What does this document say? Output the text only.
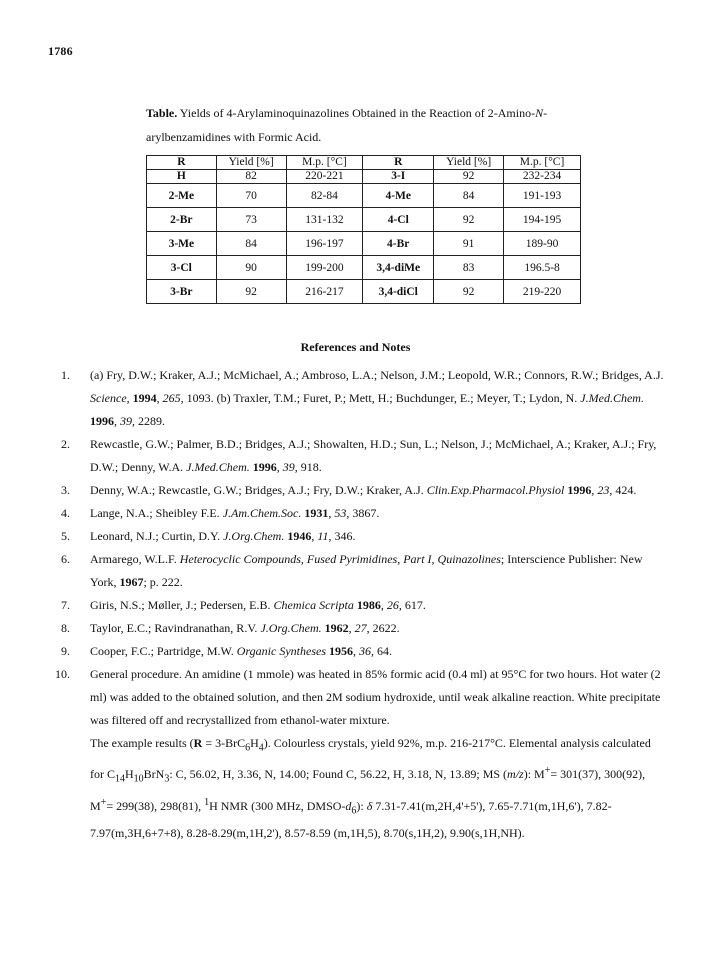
1786
Table. Yields of 4-Arylaminoquinazolines Obtained in the Reaction of 2-Amino-N-arylbenzamidines with Formic Acid.
R	Yield [%]	M.p. [°C]	R	Yield [%]	M.p. [°C]
H	82	220-221	3-I	92	232-234
2-Me	70	82-84	4-Me	84	191-193
2-Br	73	131-132	4-Cl	92	194-195
3-Me	84	196-197	4-Br	91	189-90
3-Cl	90	199-200	3,4-diMe	83	196.5-8
3-Br	92	216-217	3,4-diCl	92	219-220
References and Notes
1. (a) Fry, D.W.; Kraker, A.J.; McMichael, A.; Ambroso, L.A.; Nelson, J.M.; Leopold, W.R.; Connors, R.W.; Bridges, A.J. Science, 1994, 265, 1093. (b) Traxler, T.M.; Furet, P.; Mett, H.; Buchdunger, E.; Meyer, T.; Lydon, N. J.Med.Chem. 1996, 39, 2289.
2. Rewcastle, G.W.; Palmer, B.D.; Bridges, A.J.; Showalten, H.D.; Sun, L.; Nelson, J.; McMichael, A.; Kraker, A.J.; Fry, D.W.; Denny, W.A. J.Med.Chem. 1996, 39, 918.
3. Denny, W.A.; Rewcastle, G.W.; Bridges, A.J.; Fry, D.W.; Kraker, A.J. Clin.Exp.Pharmacol.Physiol 1996, 23, 424.
4. Lange, N.A.; Sheibley F.E. J.Am.Chem.Soc. 1931, 53, 3867.
5. Leonard, N.J.; Curtin, D.Y. J.Org.Chem. 1946, 11, 346.
6. Armarego, W.L.F. Heterocyclic Compounds, Fused Pyrimidines, Part I, Quinazolines; Interscience Publisher: New York, 1967; p. 222.
7. Giris, N.S.; Møller, J.; Pedersen, E.B. Chemica Scripta 1986, 26, 617.
8. Taylor, E.C.; Ravindranathan, R.V. J.Org.Chem. 1962, 27, 2622.
9. Cooper, F.C.; Partridge, M.W. Organic Syntheses 1956, 36, 64.
10. General procedure. An amidine (1 mmole) was heated in 85% formic acid (0.4 ml) at 95°C for two hours. Hot water (2 ml) was added to the obtained solution, and then 2M sodium hydroxide, until weak alkaline reaction. White precipitate was filtered off and recrystallized from ethanol-water mixture.
The example results $(R = 3-BrC_6H_4)$. Colourless crystals, yield 92%, m.p. 216-217°C. Elemental analysis calculated for $C_{14}H_{10}BrN_3$: C, 56.02, H, 3.36, N, 14.00; Found C, 56.22, H, 3.18, N, 13.89; MS (m/z): M+= 301(37), 300(92), M+= 299(38), 298(81), $^1$H NMR (300 MHz, DMSO-$d_6$): δ 7.31-7.41(m,2H,4'+5'), 7.65-7.71(m,1H,6'), 7.82-7.97(m,3H,6+7+8), 8.28-8.29(m,1H,2'), 8.57-8.59 (m,1H,5), 8.70(s,1H,2), 9.90(s,1H,NH).
